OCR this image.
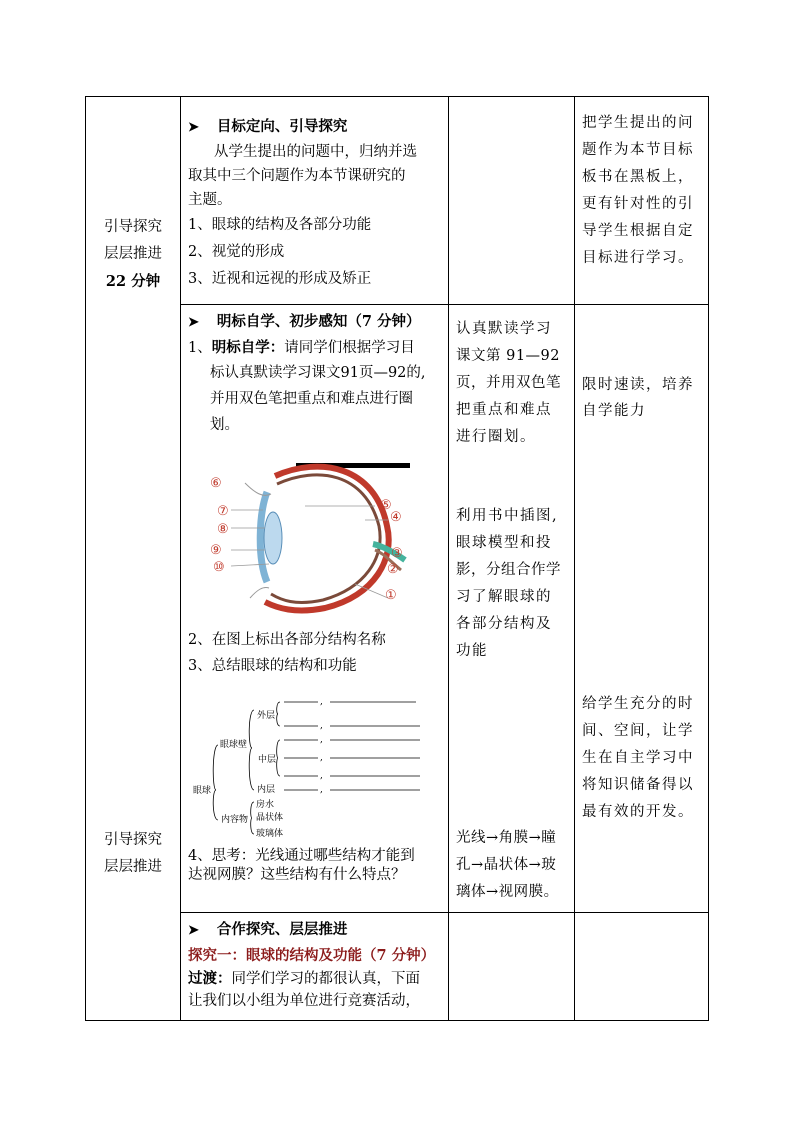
引导探究
层层推进
22 分钟
引导探究
层层推进
➤ 目标定向、引导探究
从学生提出的问题中，归纳并选
取其中三个问题作为本节课研究的
主题。
1、眼球的结构及各部分功能
2、视觉的形成
3、近视和远视的形成及矫正
把学生提出的问
题作为本节目标
板书在黑板上，
更有针对性的引
导学生根据自定
目标进行学习。
➤ 明标自学、初步感知（7 分钟）
1、明标自学：请同学们根据学习目
标认真默读学习课文91页—92的,
并用双色笔把重点和难点进行圈
划。
⑥
⑦
⑧
⑨
⑩
⑤
④
③
②
①
2、在图上标出各部分结构名称
3、总结眼球的结构和功能
眼球
眼球壁
外层
中层
内层
内容物
房水
晶状体
玻璃体
,
,
,
,
,
,
4、思考：光线通过哪些结构才能到
达视网膜？这些结构有什么特点？
认真默读学习
课文第 91—92
页，并用双色笔
把重点和难点
进行圈划。
利用书中插图,
眼球模型和投
影，分组合作学
习了解眼球的
各部分结构及
功能
光线→角膜→瞳
孔→晶状体→玻
璃体→视网膜。
限时速读，培养
自学能力
给学生充分的时
间、空间，让学
生在自主学习中
将知识储备得以
最有效的开发。
➤ 合作探究、层层推进
探究一：眼球的结构及功能（7 分钟）
过渡：同学们学习的都很认真，下面
让我们以小组为单位进行竞赛活动，
